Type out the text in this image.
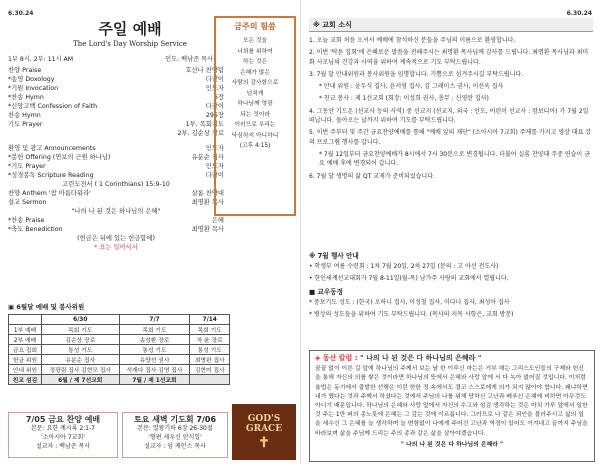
6.30.24
주일 예배
The Lord's Day Worship Service
1부 8시, 2부: 11시 AM	인도: 백남준 목사
찬양 Praise	호산나 찬양팀
*송영 Doxology	다같이
*기원 Invocation	인도자
*찬송 Hymn	6장
*신앙고백 Confession of Faith	다같이
찬송 Hymn	295장
기도 Prayer	1부. 목회기도
2부. 김순상 장로
환영 및 광고 Announcements	인도자
*봉헌 Offering (연보의 근원 하나님)	유분순 집사
*기도 Prayer	인도자
*성경봉독 Scripture Reading	다같이
고린도전서 ( 1 Corinthians) 15:9-10
찬양 Anthem '참 아름다워라'	살롬 찬양대
설교 Sermon	최명환 목사
"나의 나 된 것은 하나님의 은혜"
*찬송 Praise	은혜
*축도 Benediction	최명환 목사
(헌금은 뒤에 있는 헌금함에)
* 표는 일어서서
금주의 힘씀
모든 것을
너희를 위하여
하는 것은
은혜가 많은
사람의 감사함으로
넘치게
하나님께 영광
되는 것이라
이러므로 우리는
낙심하지 아니하니
(고후 4:15)
▣ 6월달 예배 및 봉사위원
	6/30	7/7	7/14
1부 예배	목회 기도	목회 기도	목회 기도
2부 예배	김순상 장로	송성환 장로	차 윤 장로
금요 집회	통성 기도	통성 기도	통성 기도
헌금 위원	유분순 집사	유양선 권사	최명판 집사
안내 위원	정광림 집사 김현모 집사	석재다 집사 김명 집사	김현미 집사
친교 섬김	6월 / 제 7선교회	7월 / 제 1선교회	
7/05 금요 찬양 예배
본문: 요한 계시록 2:1-7
'소아시아 7교회'
설교자 : 백남준 목사
토요 새벽 기도회 7/06
본문: 열왕기하 6장 26-30절
'형편 세우신 안식일'
설교자 : 임 재민스 목사
GOD'S
GRACE
✝
6.30.24
※ 교회 소식
1. 오늘 교회 처음 오셔서 예배에 참석하신 분들을 주님의 이름으로 환영합니다.
2. 이번 '탁튼 집회'에 은혜로운 말씀을 전해주시는 최명환 목사님께 감사를 드립니다. 최명환 목사님과 최미화 사모님의 건강과 사역을 위하여 계속적으로 기도 부탁드립니다.
3. 7월 달 안내위원과 봉사위원을 임명합니다. 기쁨으로 섬겨주시길 부탁드립니다.
* 안내 위원 : 윤두식 집사, 윤서영 집사, 김 그레이스 권사, 이선옥 집사
* 친교 봉사 : 제 1선교회 (회장: 이성희 권사, 총무 : 신영란 집사)
4. 그동안 기드온 (선교사 등의 사역) 중 선교지 (선교지, 외국 : 인도, 어린이 선교사 : 캄보디아) 가 7월 2일 떠납니다. 돌아오는 날까지 위하여 기도를 부탁드립니다.
5. 이번 주부터 및 주간 금요찬양예배를 통해 "예배 앞의 재단" (소아시아 7교회) 주제를 가지고 영상 대표 강의 프로그램 행사를 갑니다.
* 7월 12일부터 금요찬양예배가 8시에서 7시 30분으로 변경됩니다. 더불어 실롬 찬양대 주중 연습이 금요 예배 후에 변경되어 갑니다.
6. 7월 달 생명의 삶 QT 교재가 준비되었습니다.
※ 7월 행사 안내
• 학생부 여름 수련회 : 1차 7월 20일, 2차 27일 (문의 : 고 아선 전도사)
• 한인세계선교대회가 7월 8-11일(월-목) 남가주 사랑의 교회에서 열립니다.
■ 교우동정
* 중보기도 성도 : (한국) 오하니 집사, 이성철 집사, 이다나 집사, 최성아 집사
* 병상의 성도들을 위하여 기도 부탁드립니다. (목사의 지목 사항은, 교회 방문)
◈ 동산 칼럼 : " 나의 나 된 것은 다 하나님의 은혜라 "
꿈꿀 없이 이른 길 앞에 하나님의 주께서 보는 날 한 이루신 마는은 거부 해는 그리스도인들의 구제와 헌신을 통해 자신의 의를 쌓은 것이라면 하나님의 뜻에서 은혜와 사랑 앞에 서 다 녹아 없어질 것입니다. 이처럼 율법은 동기에서 출발한 선행은 이런 한한 정 속에서도 결코 스스로에게 의가 되지 않아야 합니다. 왜냐하면 내가 했다는 것과 주께서 하셨다는 것에서 주님의 나를 위해 당하신 고난과 베푸신 은혜에 비하면 아무것도 아니기 때문입니다. 하나님의 은혜와 사랑 앞에서 자신의 수고와 섬김 생각하는 것은 마치 가루 앞에서 일한 것 주는 1만 퍼의 종노릇에 은혜는 그 갚는 것에 이르릅니다. 그러므로 나 같은 죄인을 불러주시고 삶의 일을 세우신 그 은혜를 늘 생각하며 늘 변함없이 나에게 주어진 고난과 역경이 있어도 이겨내고 끝까지 주님을 바라보며 삶을 주님께 드리는 주의 종과 같은 삶을 살아야겠습니다.
" 나의 나 된 것은 다 하나님의 은혜라 "
